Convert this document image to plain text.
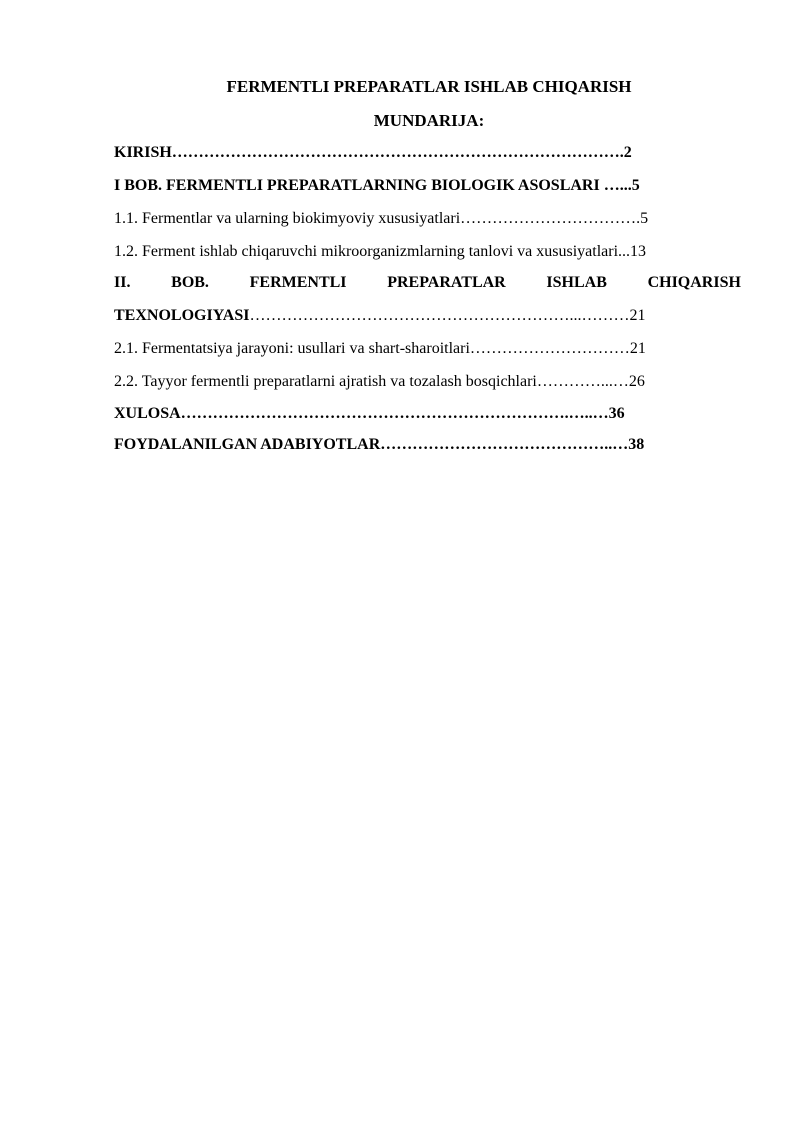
FERMENTLI PREPARATLAR ISHLAB CHIQARISH
MUNDARIJA:
KIRISH………………………………………………………………………….2
I BOB. FERMENTLI PREPARATLARNING BIOLOGIK ASOSLARI …...5
1.1. Fermentlar va ularning biokimyoviy xususiyatlari…………………………….5
1.2. Ferment ishlab chiqaruvchi mikroorganizmlarning tanlovi va xususiyatlari...13
II.	BOB.	FERMENTLI	PREPARATLAR	ISHLAB	CHIQARISH
TEXNOLOGIYASI……………………………………………………...………21
2.1. Fermentatsiya jarayoni: usullari va shart-sharoitlari…………………………21
2.2. Tayyor fermentli preparatlarni ajratish va tozalash bosqichlari…………...…26
XULOSA……………………………………………………………….…..…36
FOYDALANILGAN ADABIYOTLAR……………………………………..…38
